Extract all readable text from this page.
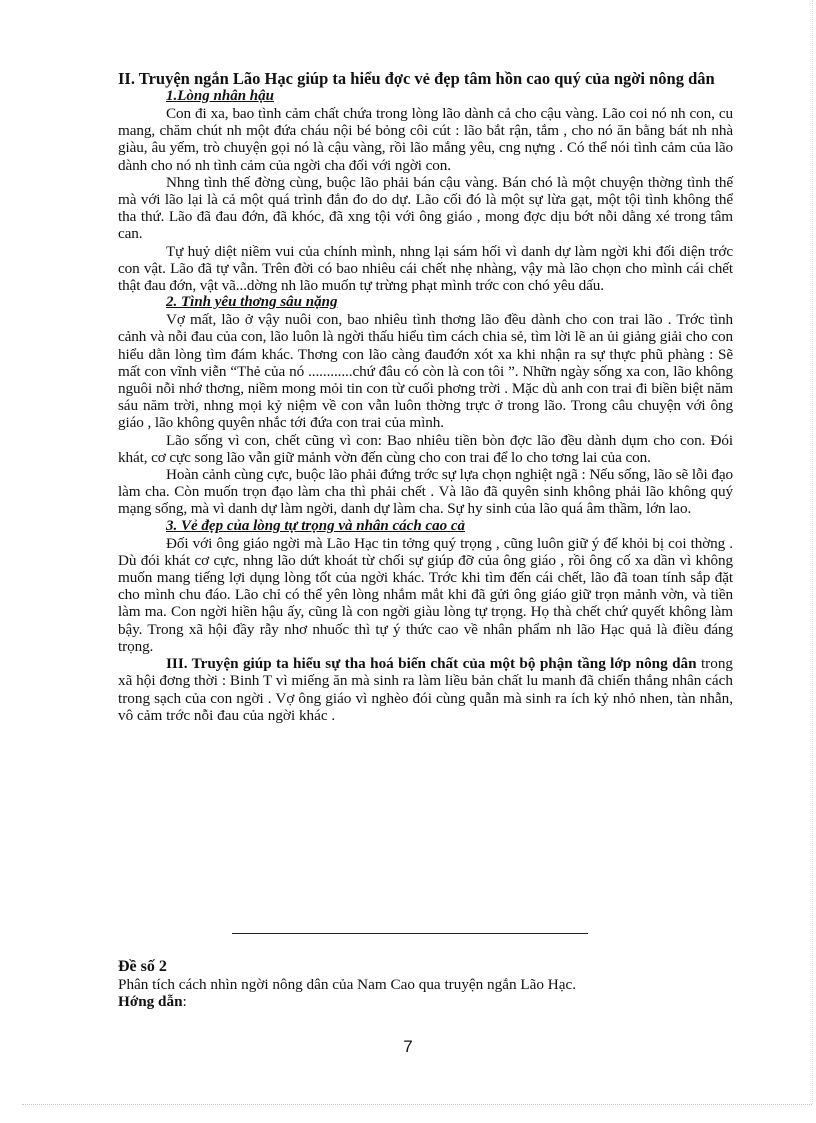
II. Truyện ngắn Lão Hạc giúp ta hiểu đợc vẻ đẹp tâm hồn cao quý của ngời nông dân

1.Lòng nhân hậu

Con đi xa, bao tình cảm chất chứa trong lòng lão dành cả cho cậu vàng. Lão coi nó nh con, cu mang, chăm chút nh một đứa cháu nội bé bỏng côi cút : lão bắt rận, tắm , cho nó ăn bằng bát nh nhà giàu, âu yếm, trò chuyện gọi nó là cậu vàng, rồi lão mắng yêu, cng nựng . Có thể nói tình cảm của lão dành cho nó nh tình cảm của ngời cha đối với ngời con.

Nhng tình thế đờng cùng, buộc lão phải bán cậu vàng. Bán chó là một chuyện thờng tình thế mà với lão lại là cả một quá trình đắn đo do dự. Lão cối đó là một sự lừa gạt, một tội tình không thể tha thứ. Lão đã đau đớn, đã khóc, đã xng tội với ông giáo , mong đợc dịu bớt nỗi dằng xé trong tâm can.

Tự huỷ diệt niềm vui của chính mình, nhng lại sám hối vì danh dự làm ngời khi đối diện trớc con vật. Lão đã tự vẫn. Trên đời có bao nhiêu cái chết nhẹ nhàng, vậy mà lão chọn cho mình cái chết thật đau đớn, vật vã...dờng nh lão muốn tự trừng phạt mình trớc con chó yêu dấu.

2. Tình yêu thơng sâu nặng

Vợ mất, lão ở vậy nuôi con, bao nhiêu tình thơng lão đều dành cho con trai lão . Trớc tình cảnh và nỗi đau của con, lão luôn là ngời thấu hiểu tìm cách chia sẻ, tìm lời lẽ an ủi giảng giải cho con hiểu dằn lòng tìm đám khác. Thơng con lão càng đauđớn xót xa khi nhận ra sự thực phũ phàng : Sẽ mất con vĩnh viễn “Thẻ của nó ............chứ đâu có còn là con tôi ”. Nhữn ngày sống xa con, lão không nguôi nỗi nhớ thơng, niềm mong mỏi tin con từ cuối phơng trời . Mặc dù anh con trai đi biền biệt năm sáu năm trời, nhng mọi kỷ niệm về con vẫn luôn thờng trực ở trong lão. Trong câu chuyện với ông giáo , lão không quyên nhắc tới đứa con trai của mình.

Lão sống vì con, chết cũng vì con: Bao nhiêu tiền bòn đợc lão đều dành dụm cho con. Đói khát, cơ cực song lão vẫn giữ mảnh vờn đến cùng cho con trai để lo cho tơng lai của con.

Hoàn cảnh cùng cực, buộc lão phải đứng trớc sự lựa chọn nghiệt ngã : Nếu sống, lão sẽ lỗi đạo làm cha. Còn muốn trọn đạo làm cha thì phải chết . Và lão đã quyên sinh không phải lão không quý mạng sống, mà vì danh dự làm ngời, danh dự làm cha. Sự hy sinh của lão quá âm thầm, lớn lao.

3. Vẻ đẹp của lòng tự trọng và nhân cách cao cả

Đối với ông giáo ngời mà Lão Hạc tin tởng quý trọng , cũng luôn giữ ý để khỏi bị coi thờng . Dù đói khát cơ cực, nhng lão dứt khoát từ chối sự giúp đỡ của ông giáo , rồi ông cố xa dần vì không muốn mang tiếng lợi dụng lòng tốt của ngời khác. Trớc khi tìm đến cái chết, lão đã toan tính sắp đặt cho mình chu đáo. Lão chỉ có thể yên lòng nhắm mắt khi đã gửi ông giáo giữ trọn mảnh vờn, và tiền làm ma. Con ngời hiền hậu ấy, cũng là con ngời giàu lòng tự trọng. Họ thà chết chứ quyết không làm bậy. Trong xã hội đầy rẫy nhơ nhuốc thì tự ý thức cao về nhân phẩm nh lão Hạc quả là điều đáng trọng.

III. Truyện giúp ta hiểu sự tha hoá biến chất của một bộ phận tầng lớp nông dân trong xã hội đơng thời : Binh T vì miếng ăn mà sinh ra làm liều bản chất lu manh đã chiến thắng nhân cách trong sạch của con ngời . Vợ ông giáo vì nghèo đói cùng quẫn mà sinh ra ích kỷ nhỏ nhen, tàn nhẫn, vô cảm trớc nỗi đau của ngời khác .

Đề số 2
Phân tích cách nhìn ngời nông dân của Nam Cao qua truyện ngắn Lão Hạc.
Hớng dẫn:
7
